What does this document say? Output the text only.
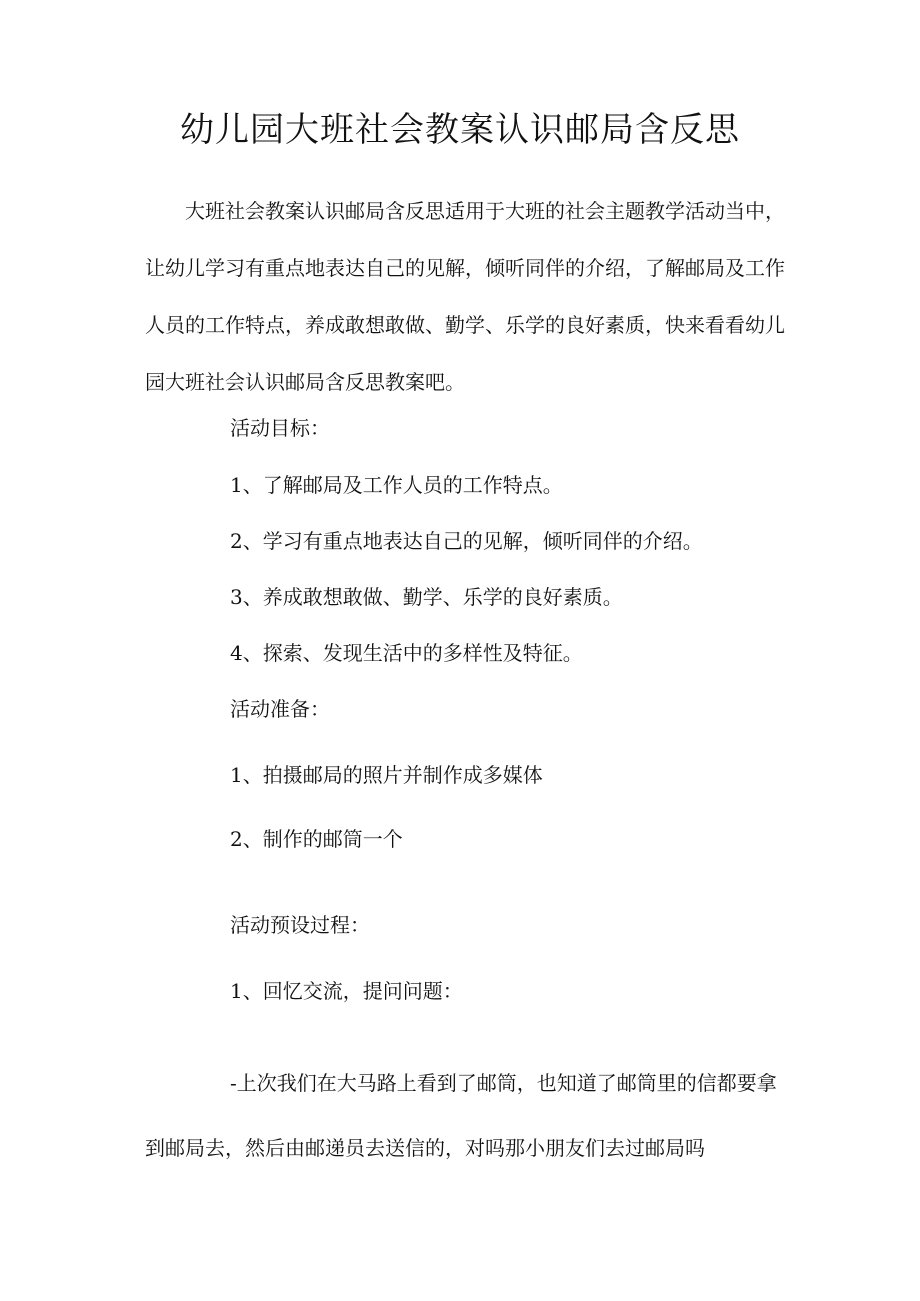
幼儿园大班社会教案认识邮局含反思

大班社会教案认识邮局含反思适用于大班的社会主题教学活动当中，让幼儿学习有重点地表达自己的见解，倾听同伴的介绍，了解邮局及工作人员的工作特点，养成敢想敢做、勤学、乐学的良好素质，快来看看幼儿园大班社会认识邮局含反思教案吧。

活动目标：

1、了解邮局及工作人员的工作特点。

2、学习有重点地表达自己的见解，倾听同伴的介绍。

3、养成敢想敢做、勤学、乐学的良好素质。

4、探索、发现生活中的多样性及特征。

活动准备：

1、拍摄邮局的照片并制作成多媒体

2、制作的邮筒一个

活动预设过程：

1、回忆交流，提问问题：

-上次我们在大马路上看到了邮筒，也知道了邮筒里的信都要拿到邮局去，然后由邮递员去送信的，对吗那小朋友们去过邮局吗
